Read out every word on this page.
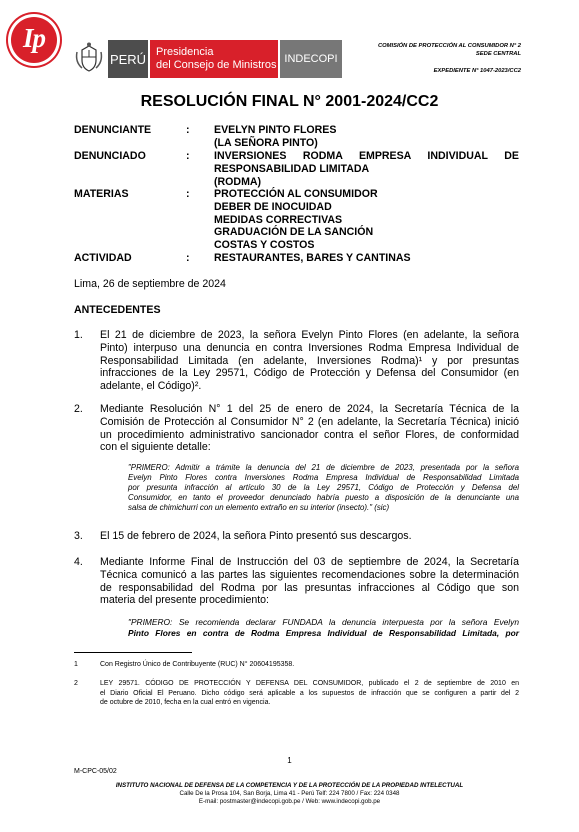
Ip
PERÚ Presidencia
del Consejo de Ministros INDECOPI
COMISIÓN DE PROTECCIÓN AL CONSUMIDOR N° 2
SEDE CENTRAL
EXPEDIENTE N° 1047-2023/CC2
RESOLUCIÓN FINAL N° 2001-2024/CC2
DENUNCIANTE	: EVELYN PINTO FLORES
(LA SEÑORA PINTO)
DENUNCIADO	: INVERSIONES RODMA EMPRESA INDIVIDUAL DE
RESPONSABILIDAD LIMITADA
(RODMA)
MATERIAS	: PROTECCIÓN AL CONSUMIDOR
DEBER DE INOCUIDAD
MEDIDAS CORRECTIVAS
GRADUACIÓN DE LA SANCIÓN
COSTAS Y COSTOS
ACTIVIDAD	: RESTAURANTES, BARES Y CANTINAS
Lima, 26 de septiembre de 2024
ANTECEDENTES
1. El 21 de diciembre de 2023, la señora Evelyn Pinto Flores (en adelante, la señora
Pinto) interpuso una denuncia en contra Inversiones Rodma Empresa Individual de
Responsabilidad Limitada (en adelante, Inversiones Rodma)¹ y por presuntas
infracciones de la Ley 29571, Código de Protección y Defensa del Consumidor (en
adelante, el Código)².
2. Mediante Resolución N° 1 del 25 de enero de 2024, la Secretaría Técnica de la
Comisión de Protección al Consumidor N° 2 (en adelante, la Secretaría Técnica) inició
un procedimiento administrativo sancionador contra el señor Flores, de conformidad
con el siguiente detalle:
"PRIMERO: Admitir a trámite la denuncia del 21 de diciembre de 2023, presentada por la señora
Evelyn Pinto Flores contra Inversiones Rodma Empresa Individual de Responsabilidad Limitada
por presunta infracción al artículo 30 de la Ley 29571, Código de Protección y Defensa del
Consumidor, en tanto el proveedor denunciado habría puesto a disposición de la denunciante una
salsa de chimichurri con un elemento extraño en su interior (insecto)." (sic)
3. El 15 de febrero de 2024, la señora Pinto presentó sus descargos.
4. Mediante Informe Final de Instrucción del 03 de septiembre de 2024, la Secretaría
Técnica comunicó a las partes las siguientes recomendaciones sobre la determinación
de responsabilidad del Rodma por las presuntas infracciones al Código que son
materia del presente procedimiento:
"PRIMERO: Se recomienda declarar FUNDADA la denuncia interpuesta por la señora Evelyn
Pinto Flores en contra de Rodma Empresa Individual de Responsabilidad Limitada, por
1	Con Registro Único de Contribuyente (RUC) N° 20604195358.
2	LEY 29571. CÓDIGO DE PROTECCIÓN Y DEFENSA DEL CONSUMIDOR, publicado el 2 de septiembre de 2010 en
el Diario Oficial El Peruano. Dicho código será aplicable a los supuestos de infracción que se configuren a partir del 2
de octubre de 2010, fecha en la cual entró en vigencia.
1
M-CPC-05/02
INSTITUTO NACIONAL DE DEFENSA DE LA COMPETENCIA Y DE LA PROTECCIÓN DE LA PROPIEDAD INTELECTUAL
Calle De la Prosa 104, San Borja, Lima 41 - Perú Telf: 224 7800 / Fax: 224 0348
E-mail: postmaster@indecopi.gob.pe / Web: www.indecopi.gob.pe
